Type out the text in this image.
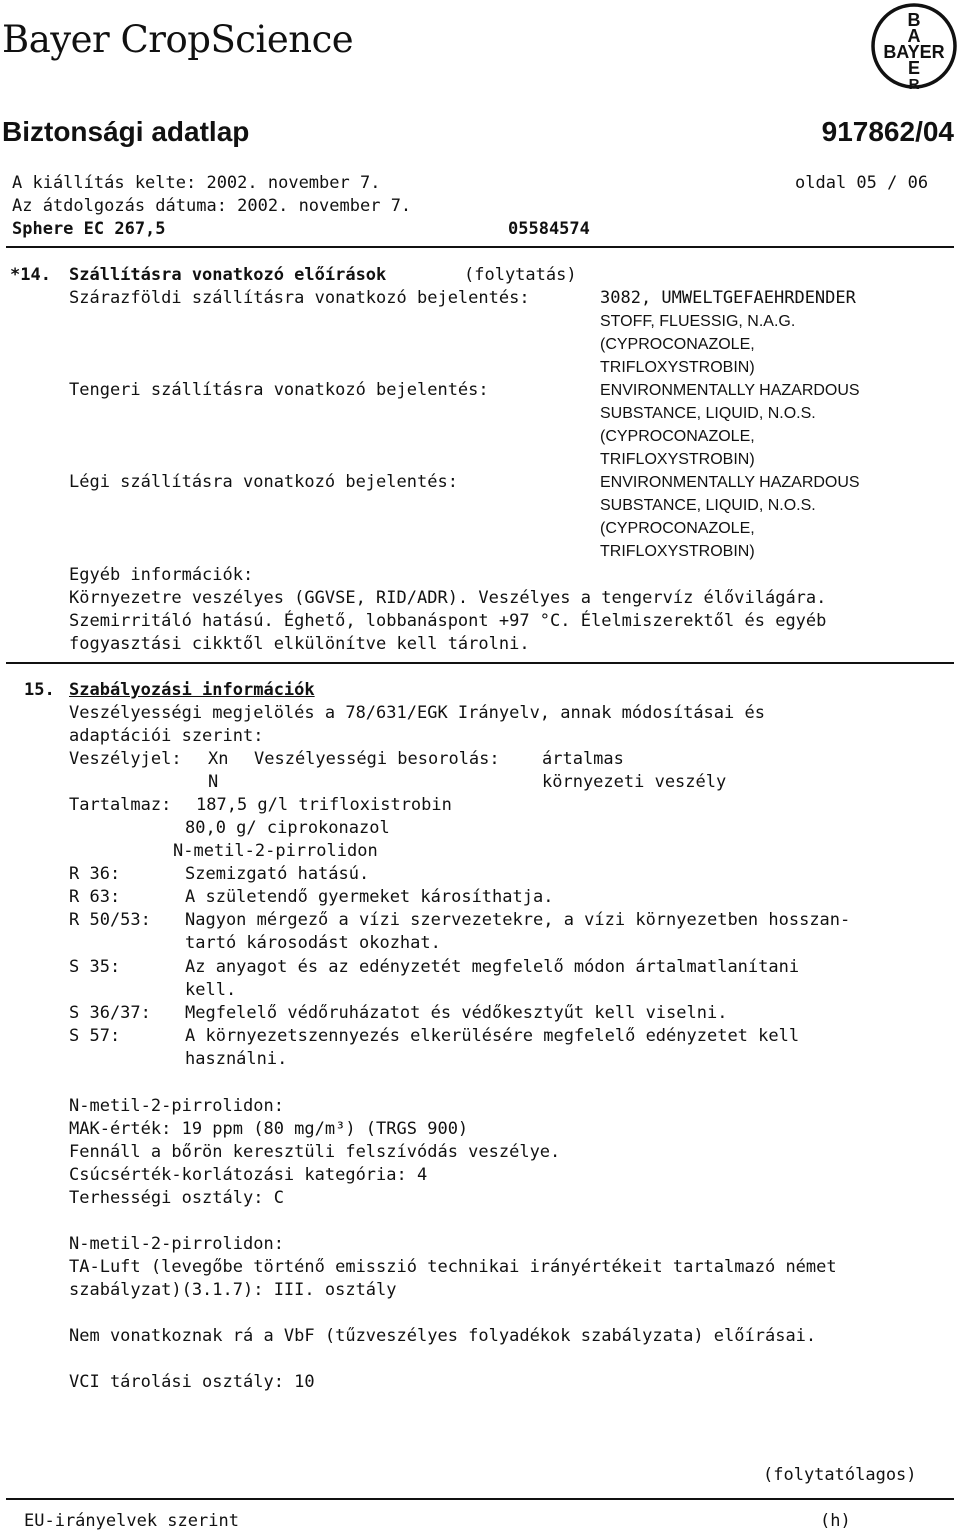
Bayer CropScience	B
A
BAYER
E
R
Biztonsági adatlap	917862/04
A kiállítás kelte: 2002. november 7.	oldal 05 / 06
Az átdolgozás dátuma: 2002. november 7.
Sphere EC 267,5	05584574
*14. Szállításra vonatkozó előírások	(folytatás)
Szárazföldi szállításra vonatkozó bejelentés:	3082, UMWELTGEFAEHRDENDER
STOFF, FLUESSIG, N.A.G.
(CYPROCONAZOLE,
TRIFLOXYSTROBIN)
Tengeri szállításra vonatkozó bejelentés:	ENVIRONMENTALLY HAZARDOUS
SUBSTANCE, LIQUID, N.O.S.
(CYPROCONAZOLE,
TRIFLOXYSTROBIN)
Légi szállításra vonatkozó bejelentés:	ENVIRONMENTALLY HAZARDOUS
SUBSTANCE, LIQUID, N.O.S.
(CYPROCONAZOLE,
TRIFLOXYSTROBIN)
Egyéb információk:
Környezetre veszélyes (GGVSE, RID/ADR). Veszélyes a tengervíz élővilágára.
Szemirritáló hatású. Éghető, lobbanáspont +97 °C. Élelmiszerektől és egyéb
fogyasztási cikktől elkülönítve kell tárolni.
15. Szabályozási információk
Veszélyességi megjelölés a 78/631/EGK Irányelv, annak módosításai és
adaptációi szerint:
Veszélyjel: Xn Veszélyességi besorolás: ártalmas
N	környezeti veszély
Tartalmaz: 187,5 g/l trifloxistrobin
80,0 g/ ciprokonazol
N-metil-2-pirrolidon
R 36:	Szemizgató hatású.
R 63:	A születendő gyermeket károsíthatja.
R 50/53: Nagyon mérgező a vízi szervezetekre, a vízi környezetben hosszan-
tartó károsodást okozhat.
S 35:	Az anyagot és az edényzetét megfelelő módon ártalmatlanítani
kell.
S 36/37: Megfelelő védőruházatot és védőkesztyűt kell viselni.
S 57:	A környezetszennyezés elkerülésére megfelelő edényzetet kell
használni.
N-metil-2-pirrolidon:
MAK-érték: 19 ppm (80 mg/m³) (TRGS 900)
Fennáll a bőrön keresztüli felszívódás veszélye.
Csúcsérték-korlátozási kategória: 4
Terhességi osztály: C
N-metil-2-pirrolidon:
TA-Luft (levegőbe történő emisszió technikai irányértékeit tartalmazó német
szabályzat)(3.1.7): III. osztály
Nem vonatkoznak rá a VbF (tűzveszélyes folyadékok szabályzata) előírásai.
VCI tárolási osztály: 10
(folytatólagos)
EU-irányelvek szerint	(h)
